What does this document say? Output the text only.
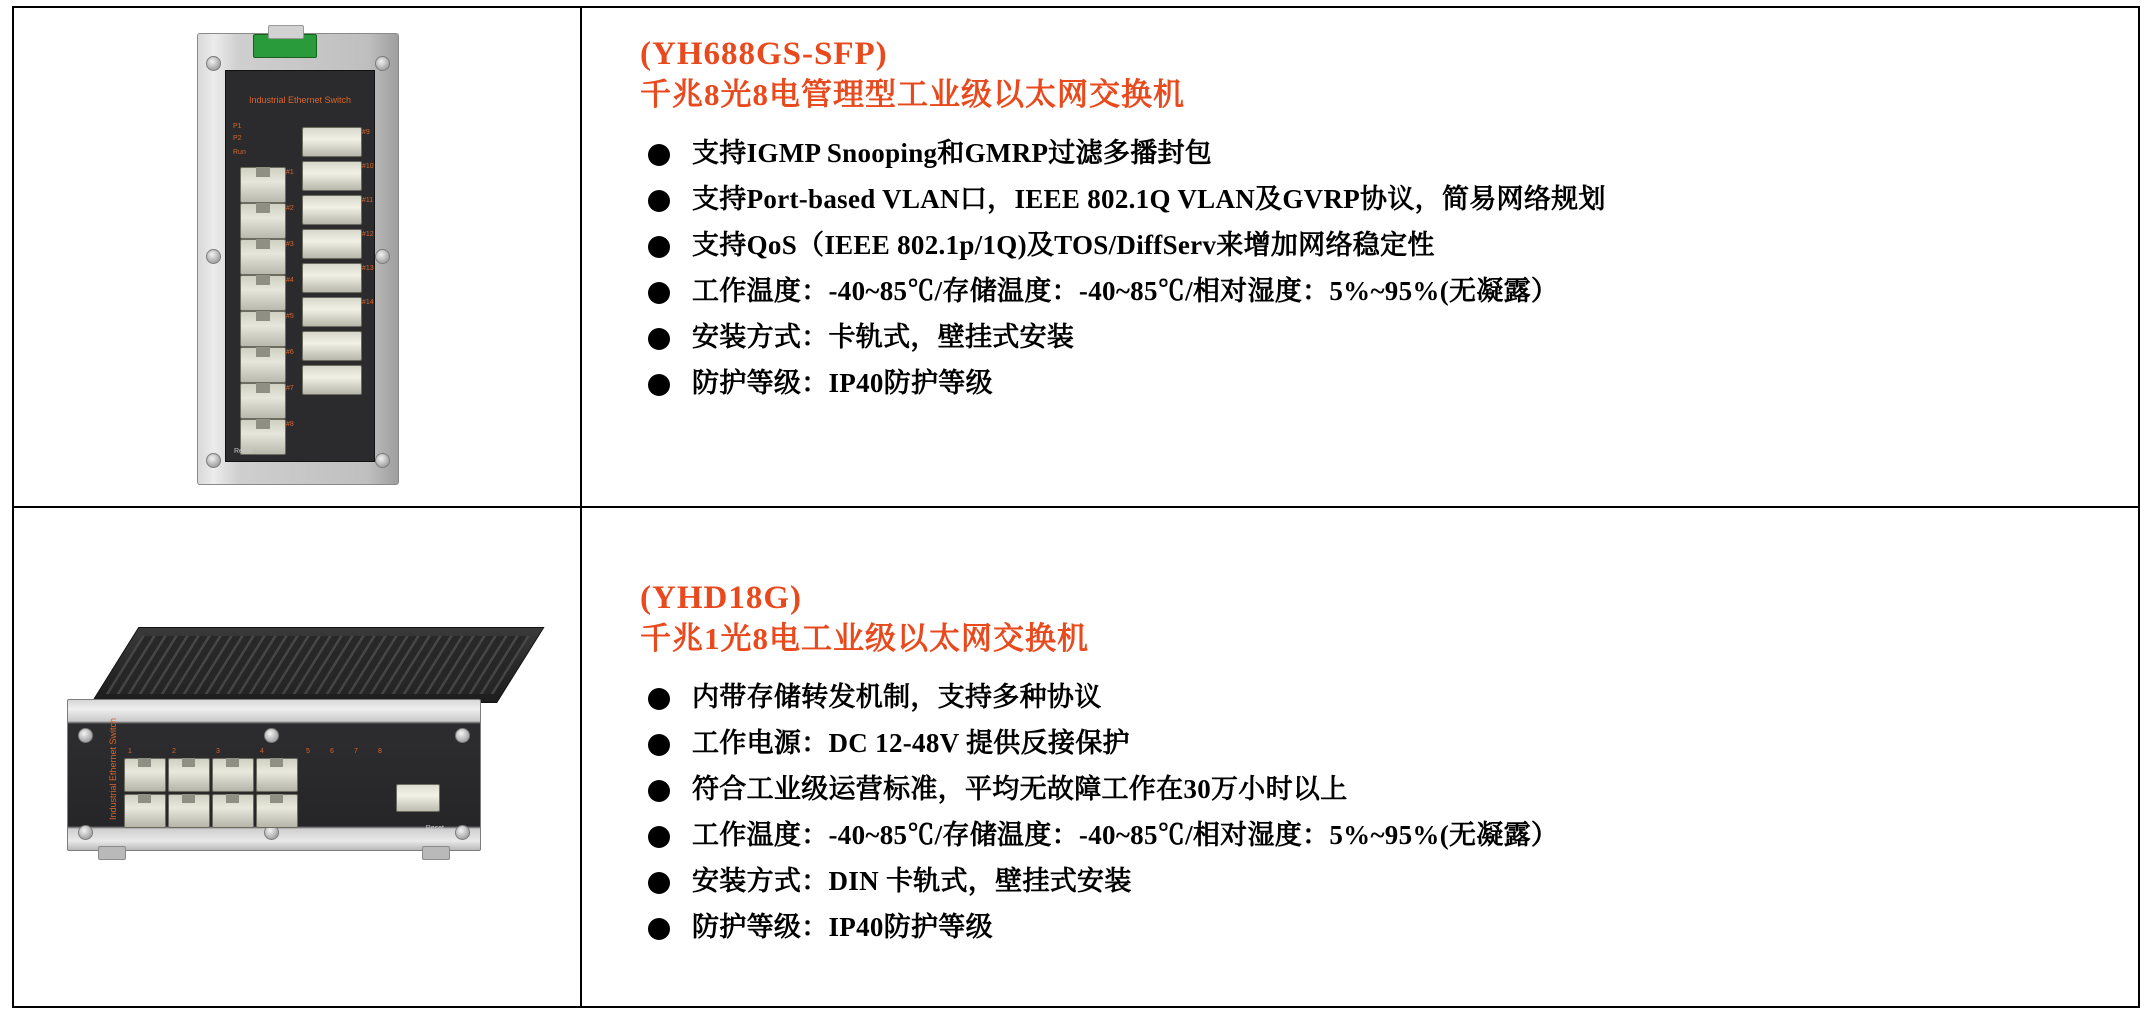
Industrial Ethernet Switch
P1
P2
Run
#1
#2
#3
#4
#5
#6
#7
#8
#9
#10
#11
#12
#13
#14
Reset

(YH688GS-SFP)
千兆8光8电管理型工业级以太网交换机
支持IGMP Snooping和GMRP过滤多播封包
支持Port-based VLAN口，IEEE 802.1Q VLAN及GVRP协议，简易网络规划
支持QoS（IEEE 802.1p/1Q)及TOS/DiffServ来增加网络稳定性
工作温度：-40~85℃/存储温度：-40~85℃/相对湿度：5%~95%(无凝露）
安装方式：卡轨式，壁挂式安装
防护等级：IP40防护等级

Industrial Ethernet Switch 1	2	3	4	5	6	7	8
Reset

(YHD18G)
千兆1光8电工业级以太网交换机
内带存储转发机制，支持多种协议
工作电源：DC 12-48V 提供反接保护
符合工业级运营标准，平均无故障工作在30万小时以上
工作温度：-40~85℃/存储温度：-40~85℃/相对湿度：5%~95%(无凝露）
安装方式：DIN 卡轨式，壁挂式安装
防护等级：IP40防护等级
